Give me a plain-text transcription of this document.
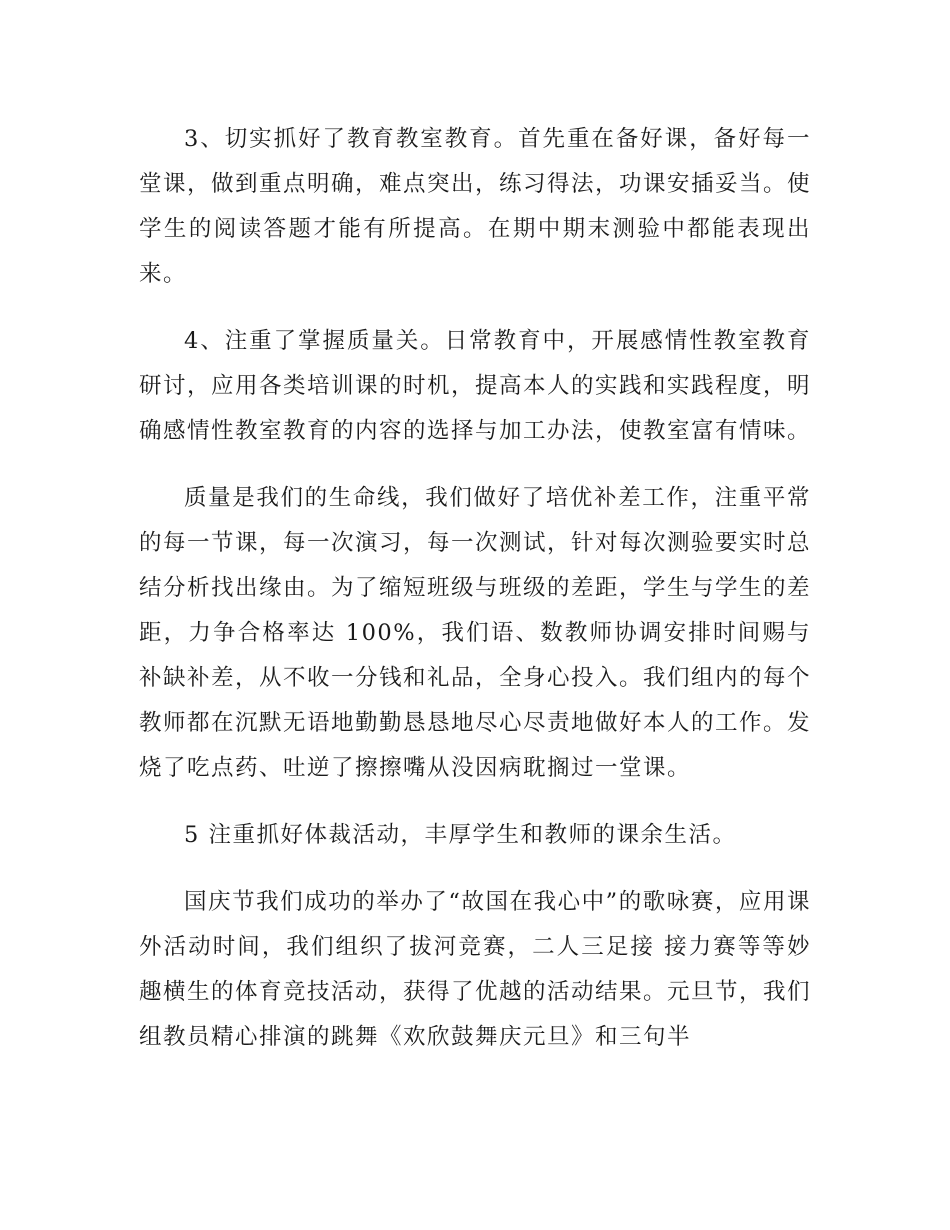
3、切实抓好了教育教室教育。首先重在备好课，备好每一堂课，做到重点明确，难点突出，练习得法，功课安插妥当。使学生的阅读答题才能有所提高。在期中期末测验中都能表现出来。

4、注重了掌握质量关。日常教育中，开展感情性教室教育研讨，应用各类培训课的时机，提高本人的实践和实践程度，明确感情性教室教育的内容的选择与加工办法，使教室富有情味。

质量是我们的生命线，我们做好了培优补差工作，注重平常的每一节课，每一次演习，每一次测试，针对每次测验要实时总结分析找出缘由。为了缩短班级与班级的差距，学生与学生的差距，力争合格率达 100%，我们语、数教师协调安排时间赐与补缺补差，从不收一分钱和礼品，全身心投入。我们组内的每个教师都在沉默无语地勤勤恳恳地尽心尽责地做好本人的工作。发烧了吃点药、吐逆了擦擦嘴从没因病耽搁过一堂课。

5 注重抓好体裁活动，丰厚学生和教师的课余生活。

国庆节我们成功的举办了“故国在我心中”的歌咏赛，应用课外活动时间，我们组织了拔河竞赛，二人三足接 接力赛等等妙趣横生的体育竞技活动，获得了优越的活动结果。元旦节，我们组教员精心排演的跳舞《欢欣鼓舞庆元旦》和三句半
